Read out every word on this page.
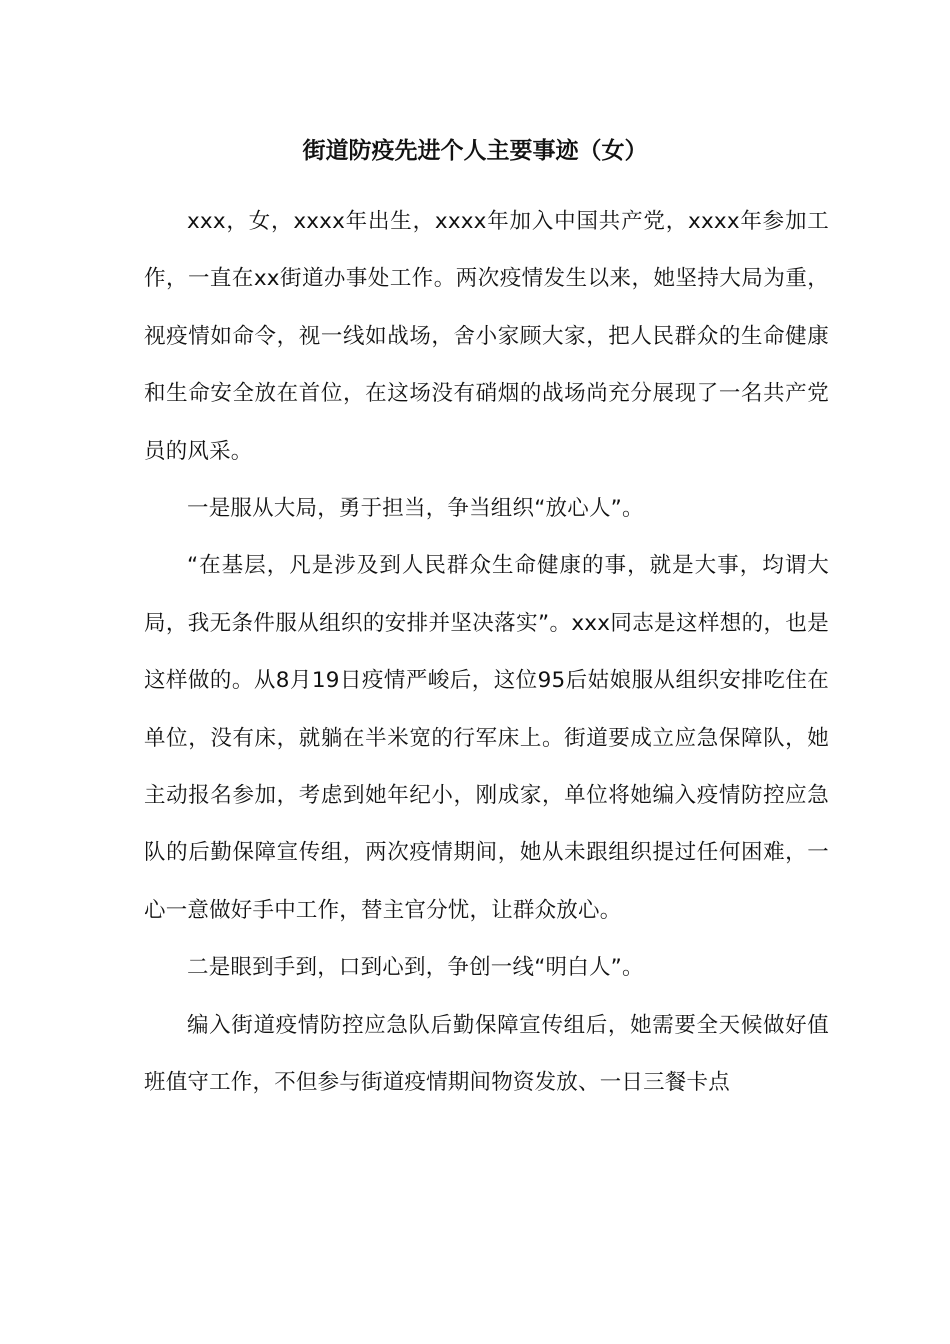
街道防疫先进个人主要事迹（女）

xxx，女，xxxx年出生，xxxx年加入中国共产党，xxxx年参加工作，一直在xx街道办事处工作。两次疫情发生以来，她坚持大局为重，视疫情如命令，视一线如战场，舍小家顾大家，把人民群众的生命健康和生命安全放在首位，在这场没有硝烟的战场尚充分展现了一名共产党员的风采。

一是服从大局，勇于担当，争当组织“放心人”。

“在基层，凡是涉及到人民群众生命健康的事，就是大事，均谓大局，我无条件服从组织的安排并坚决落实”。xxx同志是这样想的，也是这样做的。从8月19日疫情严峻后，这位95后姑娘服从组织安排吃住在单位，没有床，就躺在半米宽的行军床上。街道要成立应急保障队，她主动报名参加，考虑到她年纪小，刚成家，单位将她编入疫情防控应急队的后勤保障宣传组，两次疫情期间，她从未跟组织提过任何困难，一心一意做好手中工作，替主官分忧，让群众放心。

二是眼到手到，口到心到，争创一线“明白人”。

编入街道疫情防控应急队后勤保障宣传组后，她需要全天候做好值班值守工作，不但参与街道疫情期间物资发放、一日三餐卡点
